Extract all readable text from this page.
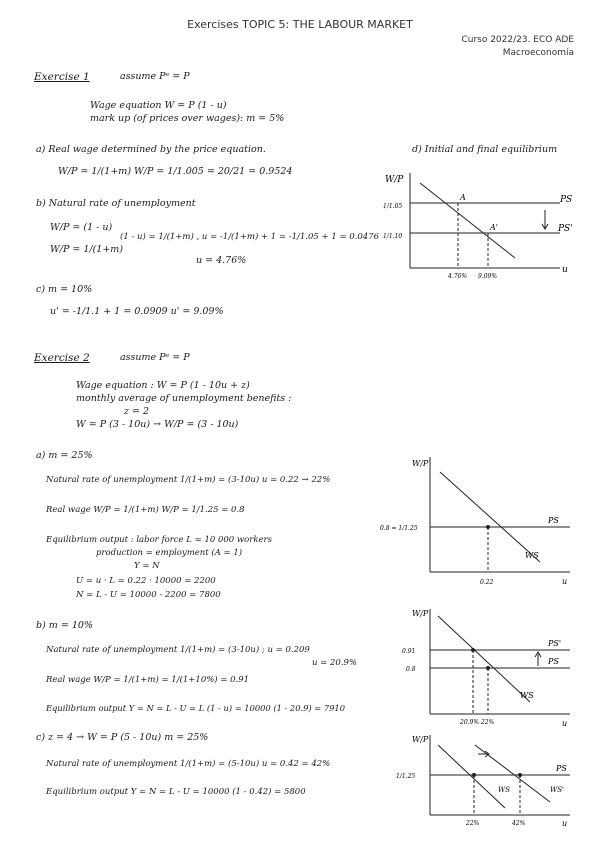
Exercises TOPIC 5: THE LABOUR MARKET
Curso 2022/23. ECO ADE
Macroeconomía
Exercise 1	assume Pᵉ = P
Wage equation W = P (1 - u)
mark up (of prices over wages): m = 5%
a) Real wage determined by the price equation.
W/P = 1/(1+m) W/P = 1/1.005 = 20/21 = 0.9524
b) Natural rate of unemployment
W/P = (1 - u)
W/P = 1/(1+m)
(1 - u) = 1/(1+m) , u = -1/(1+m) + 1 = -1/1.05 + 1 = 0.0476
u = 4.76%
c) m = 10%
u' = -1/1.1 + 1 = 0.0909 u' = 9.09%
d) Initial and final equilibrium
W/P
u
PS
PS'
A
A'
1/1.05
1/1.10
4.76% 9.09%
Exercise 2	assume Pᵉ = P
Wage equation : W = P (1 - 10u + z)
monthly average of unemployment benefits :
z = 2
W = P (3 - 10u) → W/P = (3 - 10u)
a) m = 25%
Natural rate of unemployment 1/(1+m) = (3-10u) u = 0.22 → 22%
Real wage W/P = 1/(1+m) W/P = 1/1.25 = 0.8
Equilibrium output : labor force L = 10 000 workers
production = employment (A = 1)
Y = N
U = u · L = 0.22 · 10000 = 2200
N = L - U = 10000 - 2200 = 7800
b) m = 10%
Natural rate of unemployment 1/(1+m) = (3-10u) ; u = 0.209
u = 20.9%
Real wage W/P = 1/(1+m) = 1/(1+10%) = 0.91
Equilibrium output Y = N = L - U = L (1 - u) = 10000 (1 - 20.9) = 7910
c) z = 4 → W = P (5 - 10u) m = 25%
Natural rate of unemployment 1/(1+m) = (5-10u) u = 0.42 = 42%
Equilibrium output Y = N = L - U = 10000 (1 - 0.42) = 5800
W/P
u
PS
WS
0.8 = 1/1.25
0.22
W/P
u
PS'
PS
WS
0.91
0.8
20.9% 22%
W/P
u
PS
WS	WS'
1/1.25
22%	42%
